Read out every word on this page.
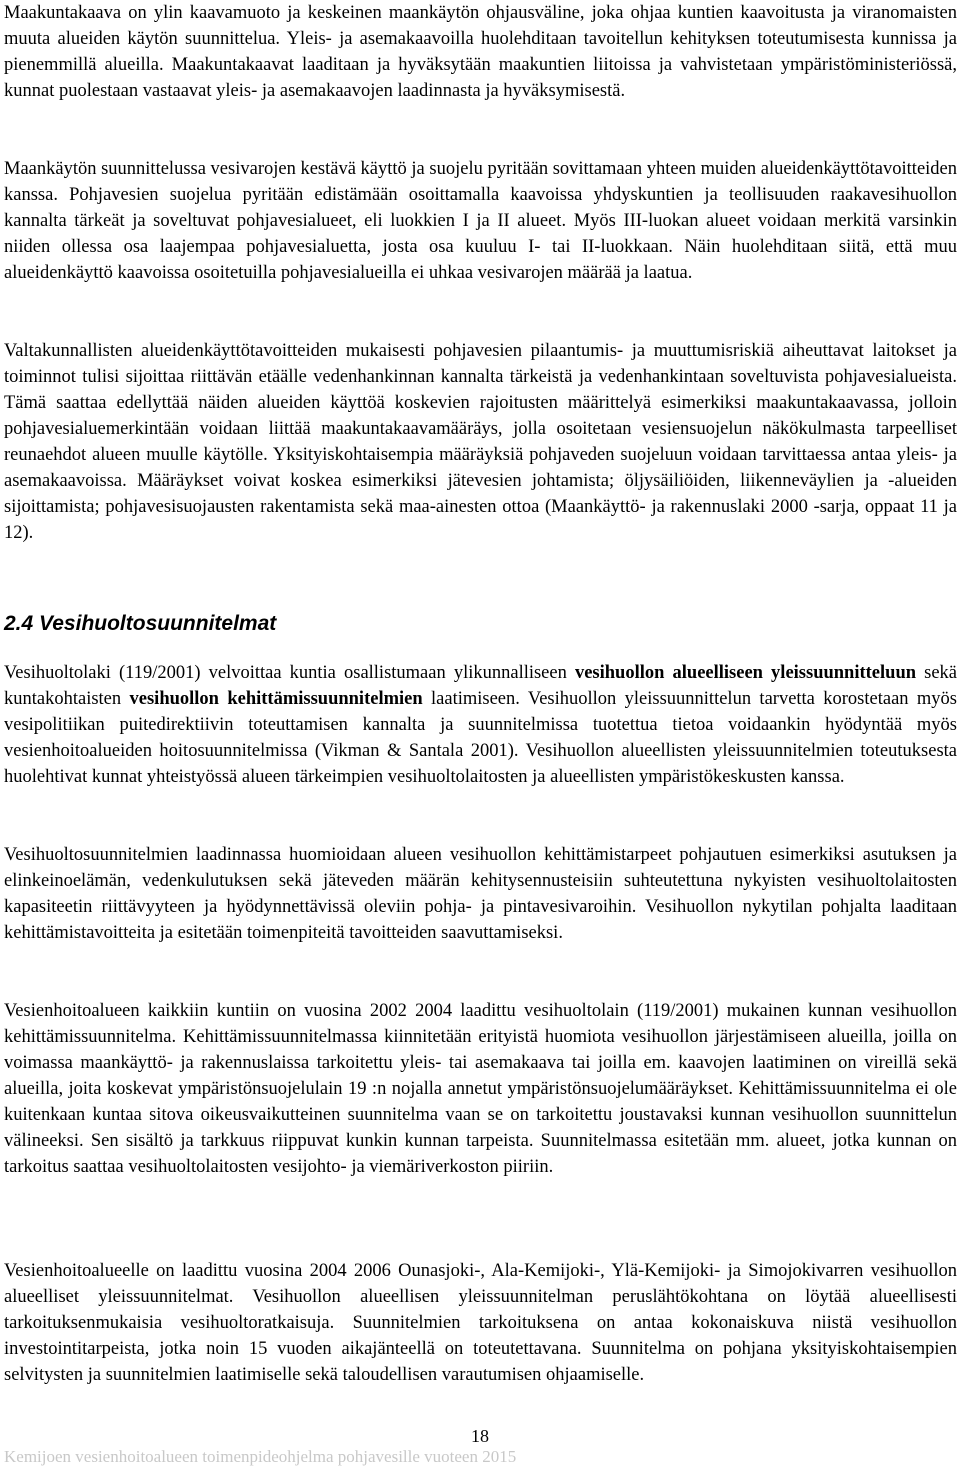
Maakuntakaava on ylin kaavamuoto ja keskeinen maankäytön ohjausväline, joka ohjaa kuntien kaavoitusta ja viranomaisten muuta alueiden käytön suunnittelua. Yleis- ja asemakaavoilla huolehditaan tavoitellun kehityksen toteutumisesta kunnissa ja pienemmillä alueilla. Maakuntakaavat laaditaan ja hyväksytään maakuntien liitoissa ja vahvistetaan ympäristöministeriössä, kunnat puolestaan vastaavat yleis- ja asemakaavojen laadinnasta ja hyväksymisestä.

Maankäytön suunnittelussa vesivarojen kestävä käyttö ja suojelu pyritään sovittamaan yhteen muiden alueidenkäyttötavoitteiden kanssa. Pohjavesien suojelua pyritään edistämään osoittamalla kaavoissa yhdyskuntien ja teollisuuden raakavesihuollon kannalta tärkeät ja soveltuvat pohjavesialueet, eli luokkien I ja II alueet. Myös III-luokan alueet voidaan merkitä varsinkin niiden ollessa osa laajempaa pohjavesialuetta, josta osa kuuluu I- tai II-luokkaan. Näin huolehditaan siitä, että muu alueidenkäyttö kaavoissa osoitetuilla pohjavesialueilla ei uhkaa vesivarojen määrää ja laatua.

Valtakunnallisten alueidenkäyttötavoitteiden mukaisesti pohjavesien pilaantumis- ja muuttumisriskiä aiheuttavat laitokset ja toiminnot tulisi sijoittaa riittävän etäälle vedenhankinnan kannalta tärkeistä ja vedenhankintaan soveltuvista pohjavesialueista. Tämä saattaa edellyttää näiden alueiden käyttöä koskevien rajoitusten määrittelyä esimerkiksi maakuntakaavassa, jolloin pohjavesialuemerkintään voidaan liittää maakuntakaavamääräys, jolla osoitetaan vesiensuojelun näkökulmasta tarpeelliset reunaehdot alueen muulle käytölle. Yksityiskohtaisempia määräyksiä pohjaveden suojeluun voidaan tarvittaessa antaa yleis- ja asemakaavoissa. Määräykset voivat koskea esimerkiksi jätevesien johtamista; öljysäiliöiden, liikenneväylien ja -alueiden sijoittamista; pohjavesisuojausten rakentamista sekä maa-ainesten ottoa (Maankäyttö- ja rakennuslaki 2000 -sarja, oppaat 11 ja 12).

2.4 Vesihuoltosuunnitelmat

Vesihuoltolaki (119/2001) velvoittaa kuntia osallistumaan ylikunnalliseen vesihuollon alueelliseen yleissuunnitteluun sekä kuntakohtaisten vesihuollon kehittämissuunnitelmien laatimiseen. Vesihuollon yleissuunnittelun tarvetta korostetaan myös vesipolitiikan puitedirektiivin toteuttamisen kannalta ja suunnitelmissa tuotettua tietoa voidaankin hyödyntää myös vesienhoitoalueiden hoitosuunnitelmissa (Vikman & Santala 2001). Vesihuollon alueellisten yleissuunnitelmien toteutuksesta huolehtivat kunnat yhteistyössä alueen tärkeimpien vesihuoltolaitosten ja alueellisten ympäristökeskusten kanssa.

Vesihuoltosuunnitelmien laadinnassa huomioidaan alueen vesihuollon kehittämistarpeet pohjautuen esimerkiksi asutuksen ja elinkeinoelämän, vedenkulutuksen sekä jäteveden määrän kehitysennusteisiin suhteutettuna nykyisten vesihuoltolaitosten kapasiteetin riittävyyteen ja hyödynnettävissä oleviin pohja- ja pintavesivaroihin. Vesihuollon nykytilan pohjalta laaditaan kehittämistavoitteita ja esitetään toimenpiteitä tavoitteiden saavuttamiseksi.

Vesienhoitoalueen kaikkiin kuntiin on vuosina 2002 2004 laadittu vesihuoltolain (119/2001) mukainen kunnan vesihuollon kehittämissuunnitelma. Kehittämissuunnitelmassa kiinnitetään erityistä huomiota vesihuollon järjestämiseen alueilla, joilla on voimassa maankäyttö- ja rakennuslaissa tarkoitettu yleis- tai asemakaava tai joilla em. kaavojen laatiminen on vireillä sekä alueilla, joita koskevat ympäristönsuojelulain 19 :n nojalla annetut ympäristönsuojelumääräykset. Kehittämissuunnitelma ei ole kuitenkaan kuntaa sitova oikeusvaikutteinen suunnitelma vaan se on tarkoitettu joustavaksi kunnan vesihuollon suunnittelun välineeksi. Sen sisältö ja tarkkuus riippuvat kunkin kunnan tarpeista. Suunnitelmassa esitetään mm. alueet, jotka kunnan on tarkoitus saattaa vesihuoltolaitosten vesijohto- ja viemäriverkoston piiriin.

Vesienhoitoalueelle on laadittu vuosina 2004 2006 Ounasjoki-, Ala-Kemijoki-, Ylä-Kemijoki- ja Simojokivarren vesihuollon alueelliset yleissuunnitelmat. Vesihuollon alueellisen yleissuunnitelman peruslähtökohtana on löytää alueellisesti tarkoituksenmukaisia vesihuoltoratkaisuja. Suunnitelmien tarkoituksena on antaa kokonaiskuva niistä vesihuollon investointitarpeista, jotka noin 15 vuoden aikajänteellä on toteutettavana. Suunnitelma on pohjana yksityiskohtaisempien selvitysten ja suunnitelmien laatimiselle sekä taloudellisen varautumisen ohjaamiselle.

18
Kemijoen vesienhoitoalueen toimenpideohjelma pohjavesille vuoteen 2015
